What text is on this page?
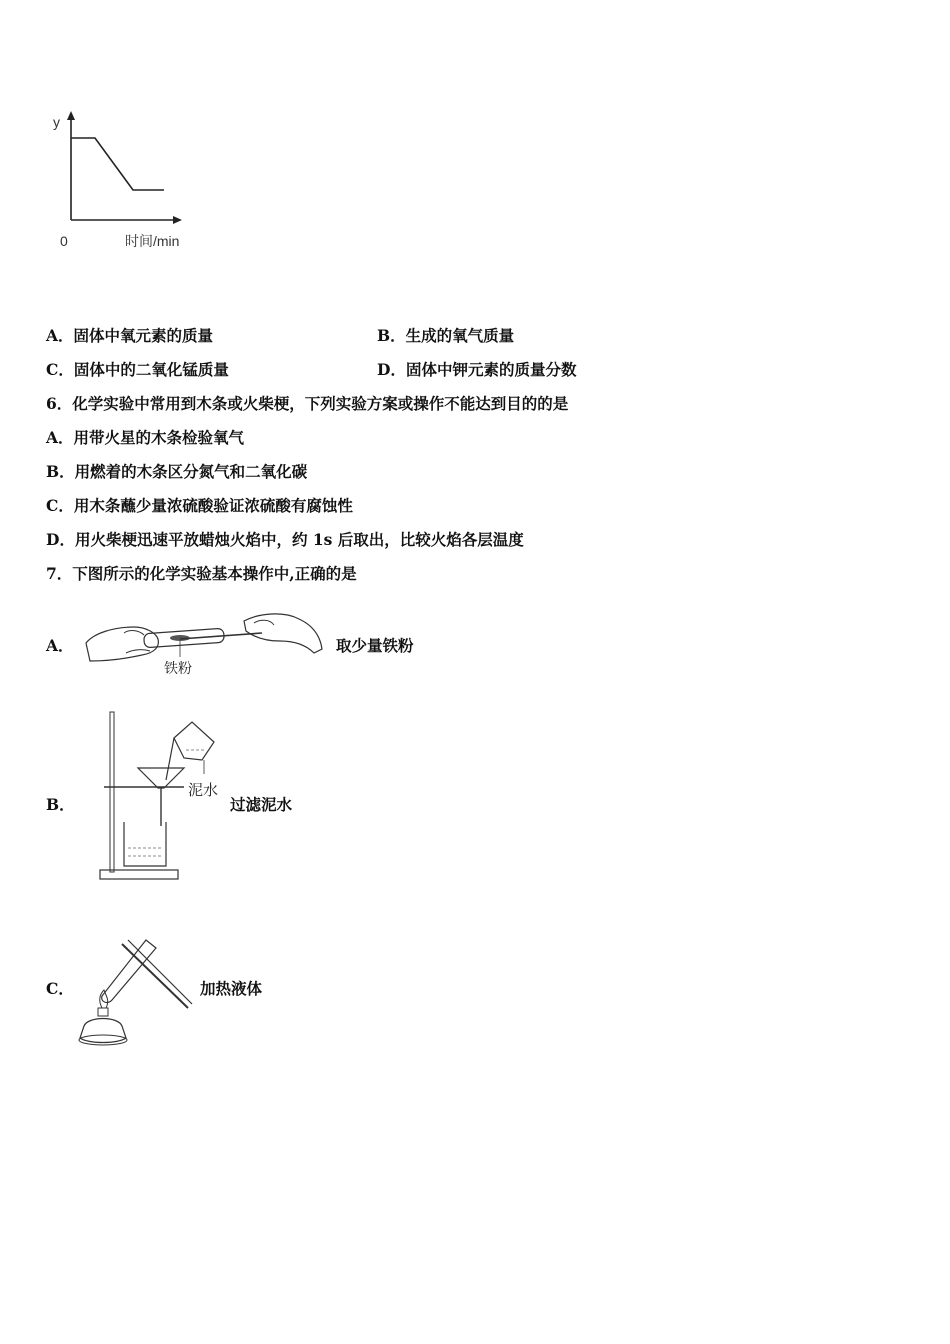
y
0	时间/min
A．固体中氧元素的质量	B．生成的氧气质量
C．固体中的二氧化锰质量	D．固体中钾元素的质量分数
6．化学实验中常用到木条或火柴梗，下列实验方案或操作不能达到目的的是
A．用带火星的木条检验氧气
B．用燃着的木条区分氮气和二氧化碳
C．用木条蘸少量浓硫酸验证浓硫酸有腐蚀性
D．用火柴梗迅速平放蜡烛火焰中，约 1s 后取出，比较火焰各层温度
7．下图所示的化学实验基本操作中,正确的是
A．
铁粉
取少量铁粉
B．
泥水
过滤泥水
C．	加热液体
